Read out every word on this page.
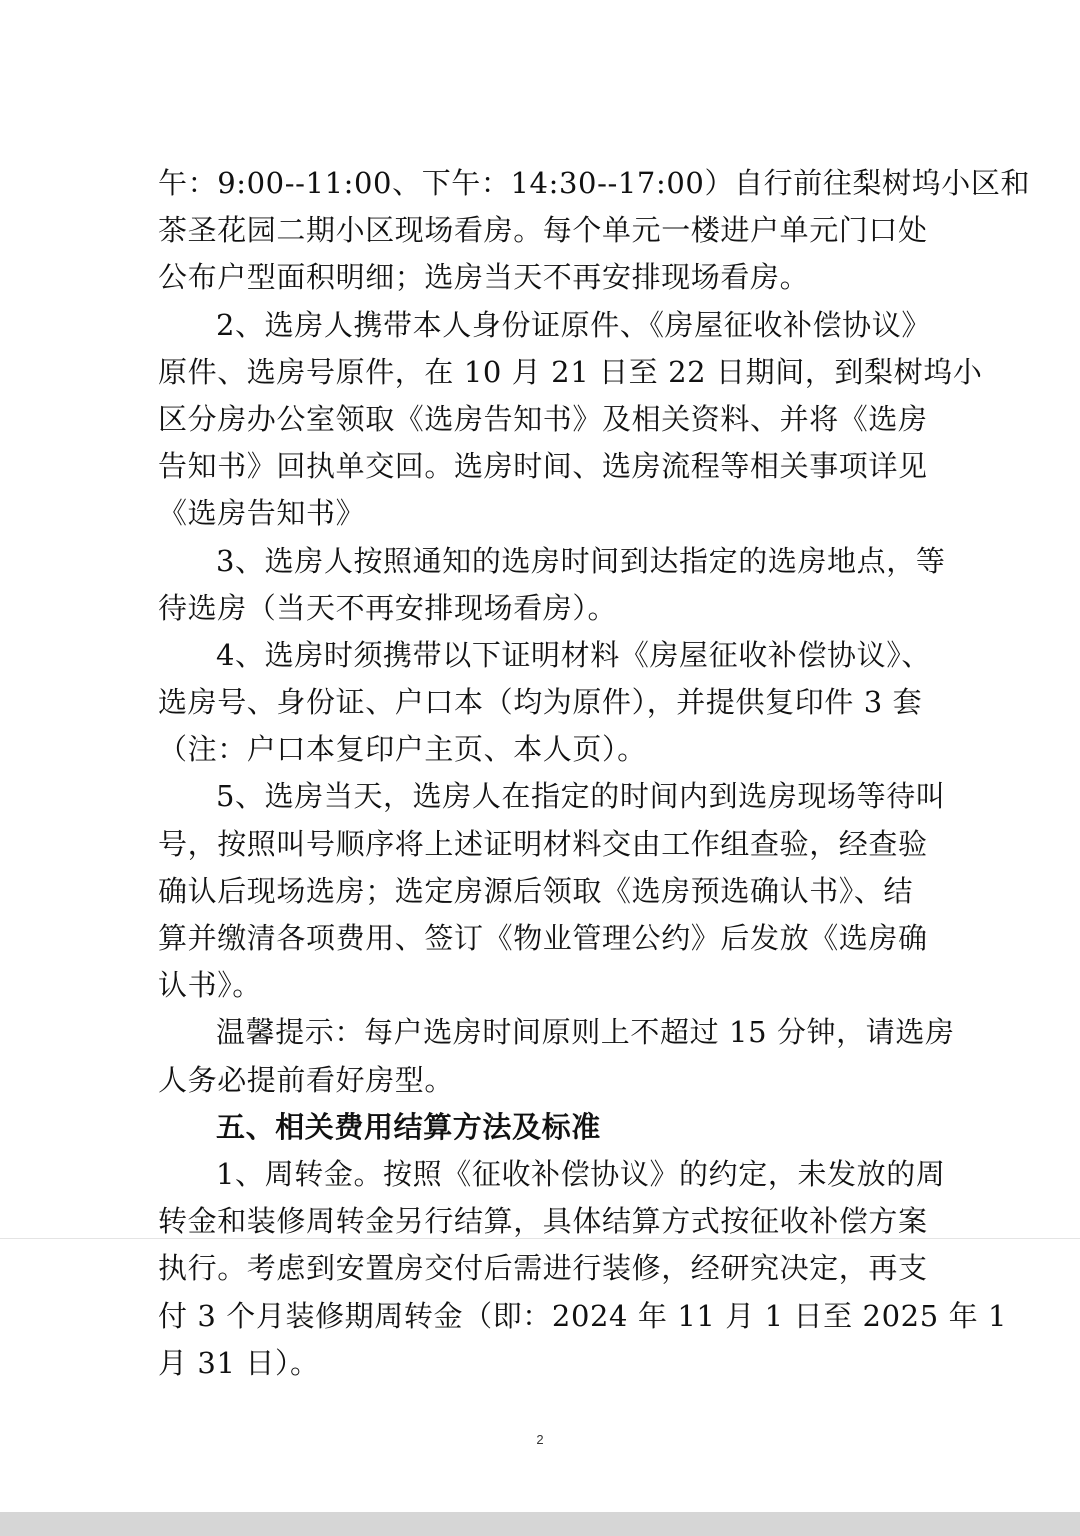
午：9:00--11:00、下午：14:30--17:00）自行前往梨树坞小区和
茶圣花园二期小区现场看房。每个单元一楼进户单元门口处
公布户型面积明细；选房当天不再安排现场看房。
2、选房人携带本人身份证原件、《房屋征收补偿协议》
原件、选房号原件，在 10 月 21 日至 22 日期间，到梨树坞小
区分房办公室领取《选房告知书》及相关资料、并将《选房
告知书》回执单交回。选房时间、选房流程等相关事项详见
《选房告知书》
3、选房人按照通知的选房时间到达指定的选房地点，等
待选房（当天不再安排现场看房）。
4、选房时须携带以下证明材料《房屋征收补偿协议》、
选房号、身份证、户口本（均为原件），并提供复印件 3 套
（注：户口本复印户主页、本人页）。
5、选房当天，选房人在指定的时间内到选房现场等待叫
号，按照叫号顺序将上述证明材料交由工作组查验，经查验
确认后现场选房；选定房源后领取《选房预选确认书》、结
算并缴清各项费用、签订《物业管理公约》后发放《选房确
认书》。
温馨提示：每户选房时间原则上不超过 15 分钟，请选房
人务必提前看好房型。
五、相关费用结算方法及标准
1、周转金。按照《征收补偿协议》的约定，未发放的周
转金和装修周转金另行结算，具体结算方式按征收补偿方案
执行。考虑到安置房交付后需进行装修，经研究决定，再支
付 3 个月装修期周转金（即：2024 年 11 月 1 日至 2025 年 1
月 31 日）。
2
